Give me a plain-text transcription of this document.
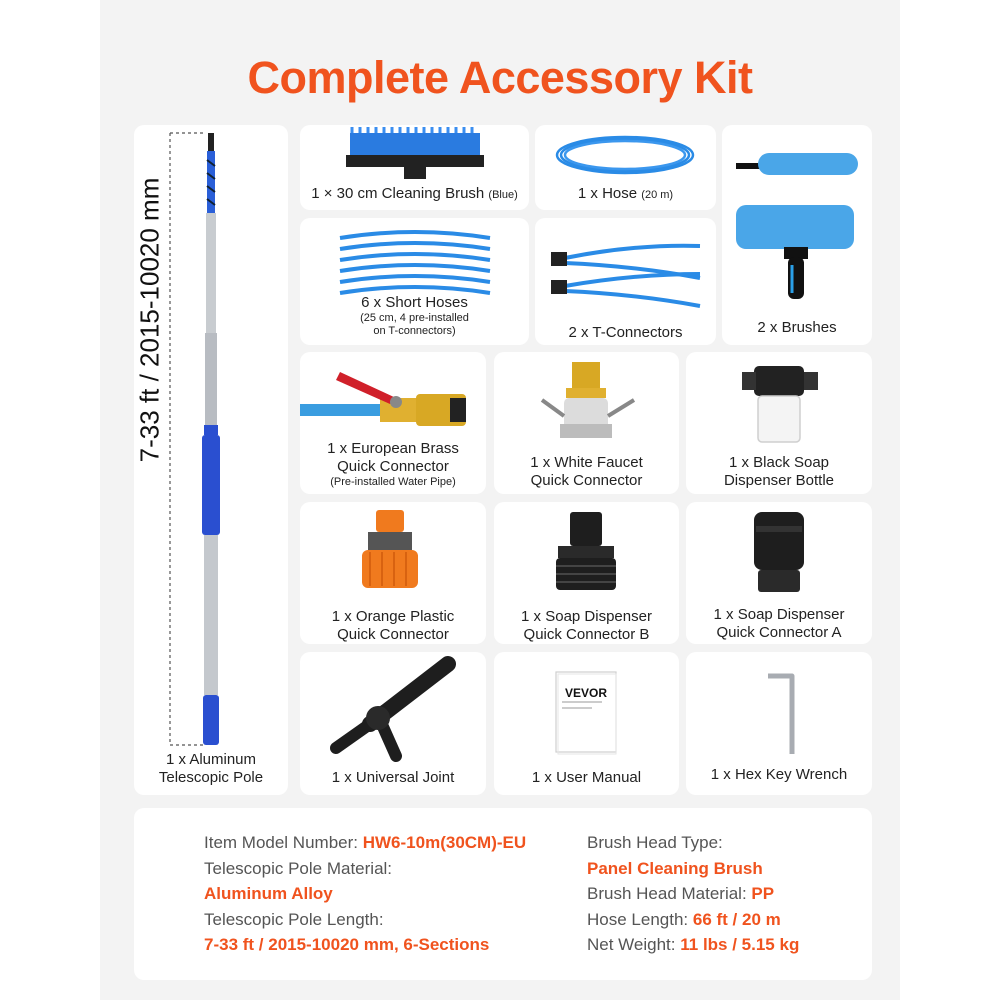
Complete Accessory Kit
1 x Aluminum
Telescopic Pole
7-33 ft / 2015-10020 mm	1 × 30 cm Cleaning Brush (Blue)	1 x Hose (20 m)
2 x Brushes
6 x Short Hoses
(25 cm, 4 pre-installed
on T-connectors)	2 x T-Connectors
1 x European Brass
Quick Connector
(Pre-installed Water Pipe)
1 x White Faucet
Quick Connector
1 x Black Soap
Dispenser Bottle
1 x Orange Plastic
Quick Connector
1 x Soap Dispenser
Quick Connector B
1 x Soap Dispenser
Quick Connector A
1 x Universal Joint
VEVOR
1 x User Manual	1 x Hex Key Wrench
Item Model Number: HW6-10m(30CM)-EU
Telescopic Pole Material:
Aluminum Alloy
Telescopic Pole Length:
7-33 ft / 2015-10020 mm, 6-Sections
Brush Head Type:
Panel Cleaning Brush
Brush Head Material: PP
Hose Length: 66 ft / 20 m
Net Weight: 11 lbs / 5.15 kg
